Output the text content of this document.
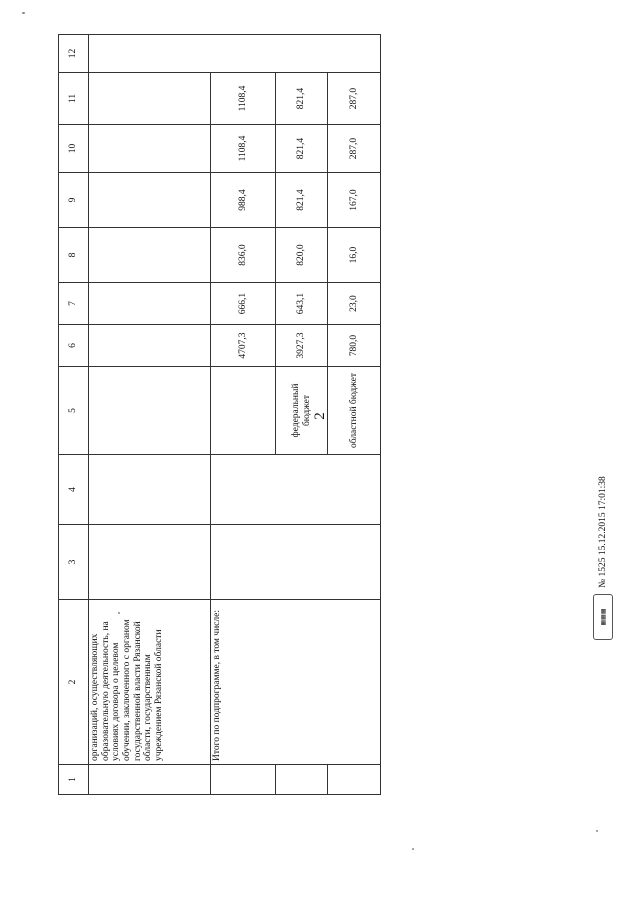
2
1	2	3	4	5	6	7	8	9	10	11	12
	организаций, осуществляющих образовательную деятельность, на условиях договора о целевом обучении, заключенного с органом государственной власти Рязанской области, государственным учреждением Рязанской области										
	Итого по подпрограмме, в том числе:				4707,3	666,1	836,0	988,4	1108,4	1108,4	
				федеральный бюджет	3927,3	643,1	820,0	821,4	821,4	821,4	
				областной бюджет	780,0	23,0	16,0	167,0	287,0	287,0	
▦▦▦
№ 1525 15.12.2015 17:01:38
